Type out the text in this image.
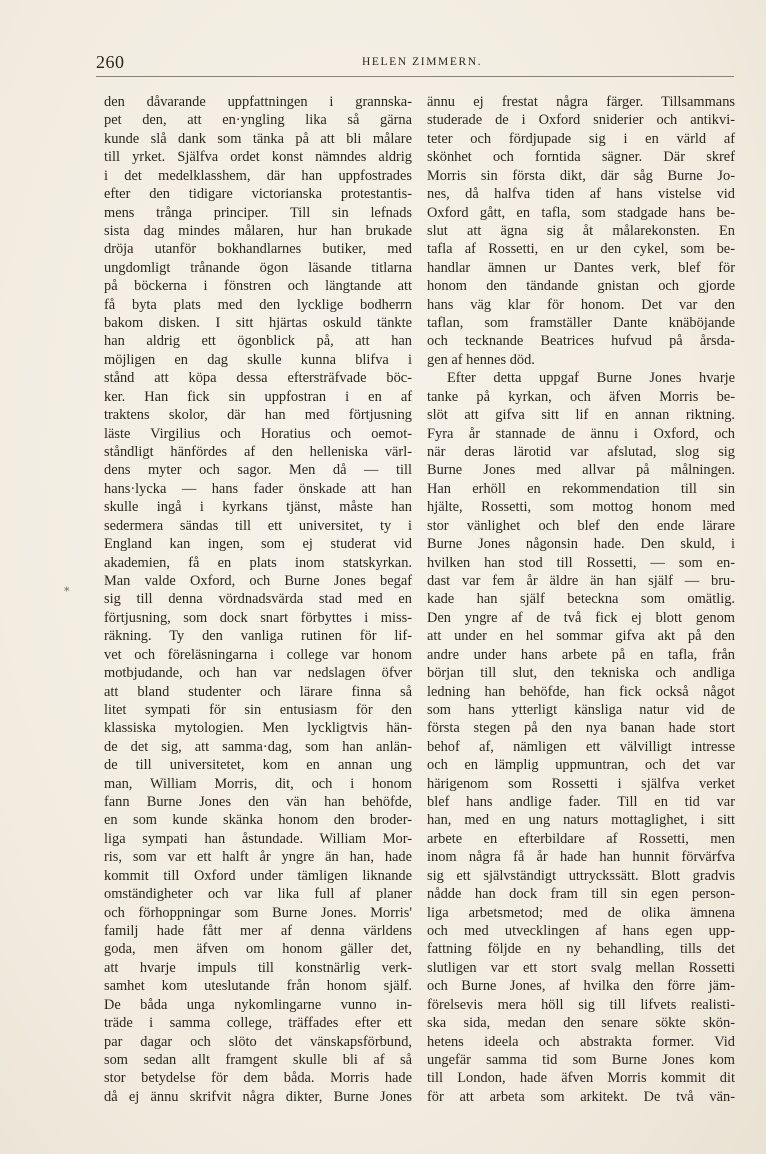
260	HELEN ZIMMERN.
*
den dåvarande uppfattningen i grannska-
pet den, att en·yngling lika så gärna
kunde slå dank som tänka på att bli målare
till yrket. Själfva ordet konst nämndes aldrig
i det medelklasshem, där han uppfostrades
efter den tidigare victorianska protestantis-
mens trånga principer. Till sin lefnads
sista dag mindes målaren, hur han brukade
dröja utanför bokhandlarnes butiker, med
ungdomligt trånande ögon läsande titlarna
på böckerna i fönstren och längtande att
få byta plats med den lycklige bodherrn
bakom disken. I sitt hjärtas oskuld tänkte
han aldrig ett ögonblick på, att han
möjligen en dag skulle kunna blifva i
stånd att köpa dessa eftersträfvade böc-
ker. Han fick sin uppfostran i en af
traktens skolor, där han med förtjusning
läste Virgilius och Horatius och oemot-
ståndligt hänfördes af den helleniska värl-
dens myter och sagor. Men då — till
hans·lycka — hans fader önskade att han
skulle ingå i kyrkans tjänst, måste han
sedermera sändas till ett universitet, ty i
England kan ingen, som ej studerat vid
akademien, få en plats inom statskyrkan.
Man valde Oxford, och Burne Jones begaf
sig till denna vördnadsvärda stad med en
förtjusning, som dock snart förbyttes i miss-
räkning. Ty den vanliga rutinen för lif-
vet och föreläsningarna i college var honom
motbjudande, och han var nedslagen öfver
att bland studenter och lärare finna så
litet sympati för sin entusiasm för den
klassiska mytologien. Men lyckligtvis hän-
de det sig, att samma·dag, som han anlän-
de till universitetet, kom en annan ung
man, William Morris, dit, och i honom
fann Burne Jones den vän han behöfde,
en som kunde skänka honom den broder-
liga sympati han åstundade. William Mor-
ris, som var ett halft år yngre än han, hade
kommit till Oxford under tämligen liknande
omständigheter och var lika full af planer
och förhoppningar som Burne Jones. Morris'
familj hade fått mer af denna världens
goda, men äfven om honom gäller det,
att hvarje impuls till konstnärlig verk-
samhet kom uteslutande från honom själf.
De båda unga nykomlingarne vunno in-
träde i samma college, träffades efter ett
par dagar och slöto det vänskapsförbund,
som sedan allt framgent skulle bli af så
stor betydelse för dem båda. Morris hade
då ej ännu skrifvit några dikter, Burne Jones
ännu ej frestat några färger. Tillsammans
studerade de i Oxford sniderier och antikvi-
teter och fördjupade sig i en värld af
skönhet och forntida sägner. Där skref
Morris sin första dikt, där såg Burne Jo-
nes, då halfva tiden af hans vistelse vid
Oxford gått, en tafla, som stadgade hans be-
slut att ägna sig åt målarekonsten. En
tafla af Rossetti, en ur den cykel, som be-
handlar ämnen ur Dantes verk, blef för
honom den tändande gnistan och gjorde
hans väg klar för honom. Det var den
taflan, som framställer Dante knäböjande
och tecknande Beatrices hufvud på årsda-
gen af hennes död.
Efter detta uppgaf Burne Jones hvarje
tanke på kyrkan, och äfven Morris be-
slöt att gifva sitt lif en annan riktning.
Fyra år stannade de ännu i Oxford, och
när deras lärotid var afslutad, slog sig
Burne Jones med allvar på målningen.
Han erhöll en rekommendation till sin
hjälte, Rossetti, som mottog honom med
stor vänlighet och blef den ende lärare
Burne Jones någonsin hade. Den skuld, i
hvilken han stod till Rossetti, — som en-
dast var fem år äldre än han själf — bru-
kade han själf beteckna som omätlig.
Den yngre af de två fick ej blott genom
att under en hel sommar gifva akt på den
andre under hans arbete på en tafla, från
början till slut, den tekniska och andliga
ledning han behöfde, han fick också något
som hans ytterligt känsliga natur vid de
första stegen på den nya banan hade stort
behof af, nämligen ett välvilligt intresse
och en lämplig uppmuntran, och det var
härigenom som Rossetti i själfva verket
blef hans andlige fader. Till en tid var
han, med en ung naturs mottaglighet, i sitt
arbete en efterbildare af Rossetti, men
inom några få år hade han hunnit förvärfva
sig ett självständigt uttryckssätt. Blott gradvis
nådde han dock fram till sin egen person-
liga arbetsmetod; med de olika ämnena
och med utvecklingen af hans egen upp-
fattning följde en ny behandling, tills det
slutligen var ett stort svalg mellan Rossetti
och Burne Jones, af hvilka den förre jäm-
förelsevis mera höll sig till lifvets realisti-
ska sida, medan den senare sökte skön-
hetens ideela och abstrakta former. Vid
ungefär samma tid som Burne Jones kom
till London, hade äfven Morris kommit dit
för att arbeta som arkitekt. De två vän-
